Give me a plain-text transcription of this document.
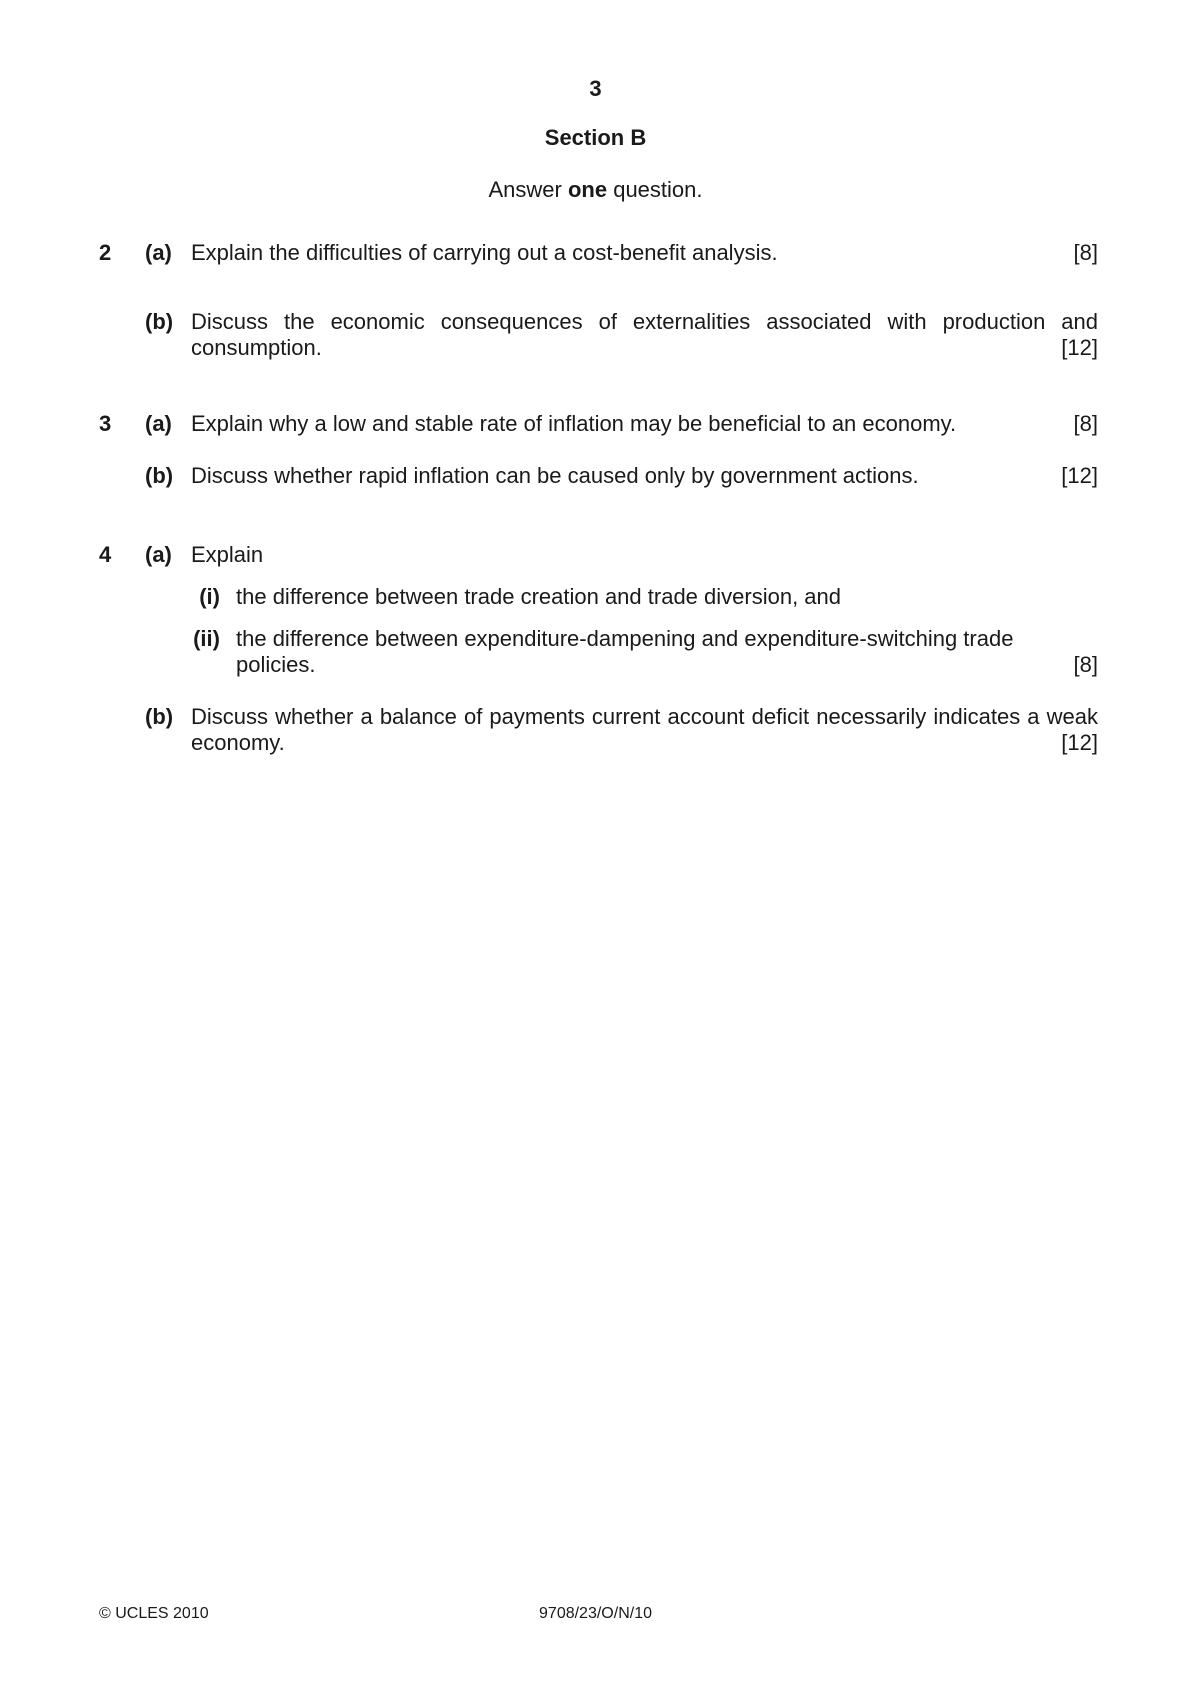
3
Section B
Answer one question.
2 (a) Explain the difficulties of carrying out a cost-benefit analysis.	[8]
(b) Discuss the economic consequences of externalities associated with production and
consumption.	[12]
3 (a) Explain why a low and stable rate of inflation may be beneficial to an economy.	[8]
(b) Discuss whether rapid inflation can be caused only by government actions.	[12]
4 (a) Explain
(i) the difference between trade creation and trade diversion, and
(ii) the difference between expenditure-dampening and expenditure-switching trade policies.	[8]
(b) Discuss whether a balance of payments current account deficit necessarily indicates a weak
economy.	[12]
© UCLES 2010	9708/23/O/N/10
